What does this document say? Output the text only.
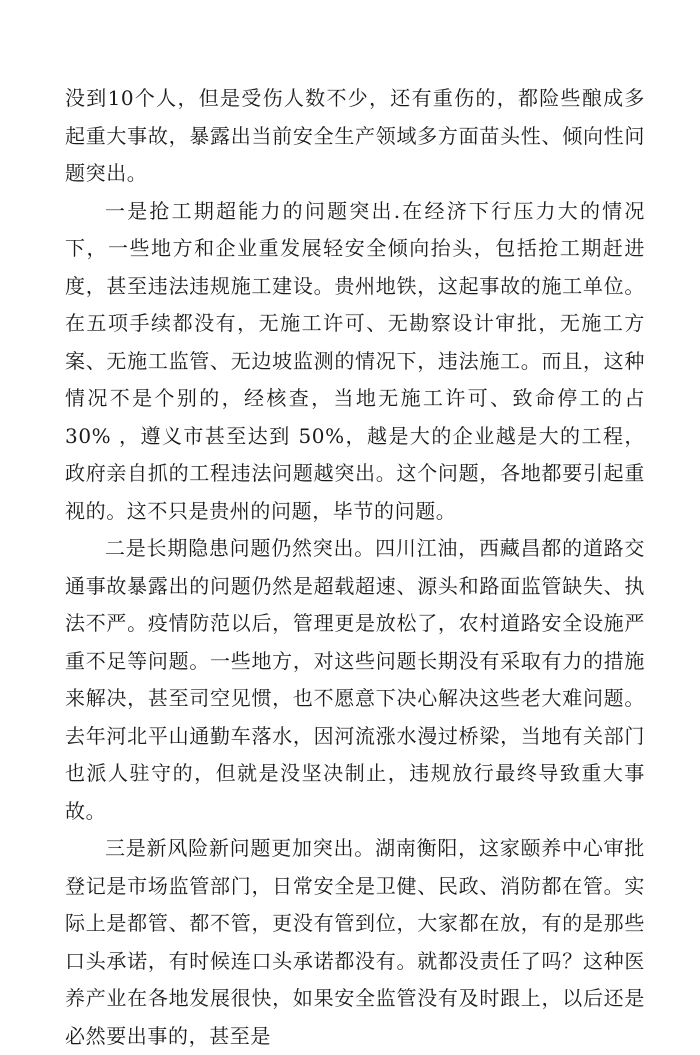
没到10个人，但是受伤人数不少，还有重伤的，都险些酿成多起重大事故，暴露出当前安全生产领域多方面苗头性、倾向性问题突出。

一是抢工期超能力的问题突出.在经济下行压力大的情况下，一些地方和企业重发展轻安全倾向抬头，包括抢工期赶进度，甚至违法违规施工建设。贵州地铁，这起事故的施工单位。在五项手续都没有，无施工许可、无勘察设计审批，无施工方案、无施工监管、无边坡监测的情况下，违法施工。而且，这种情况不是个别的，经核查，当地无施工许可、致命停工的占 30% ，遵义市甚至达到 50%，越是大的企业越是大的工程，政府亲自抓的工程违法问题越突出。这个问题，各地都要引起重视的。这不只是贵州的问题，毕节的问题。

二是长期隐患问题仍然突出。四川江油，西藏昌都的道路交通事故暴露出的问题仍然是超载超速、源头和路面监管缺失、执法不严。疫情防范以后，管理更是放松了，农村道路安全设施严重不足等问题。一些地方，对这些问题长期没有采取有力的措施来解决，甚至司空见惯，也不愿意下决心解决这些老大难问题。去年河北平山通勤车落水，因河流涨水漫过桥梁，当地有关部门也派人驻守的，但就是没坚决制止，违规放行最终导致重大事故。

三是新风险新问题更加突出。湖南衡阳，这家颐养中心审批登记是市场监管部门，日常安全是卫健、民政、消防都在管。实际上是都管、都不管，更没有管到位，大家都在放，有的是那些口头承诺，有时候连口头承诺都没有。就都没责任了吗？这种医养产业在各地发展很快，如果安全监管没有及时跟上，以后还是必然要出事的，甚至是
